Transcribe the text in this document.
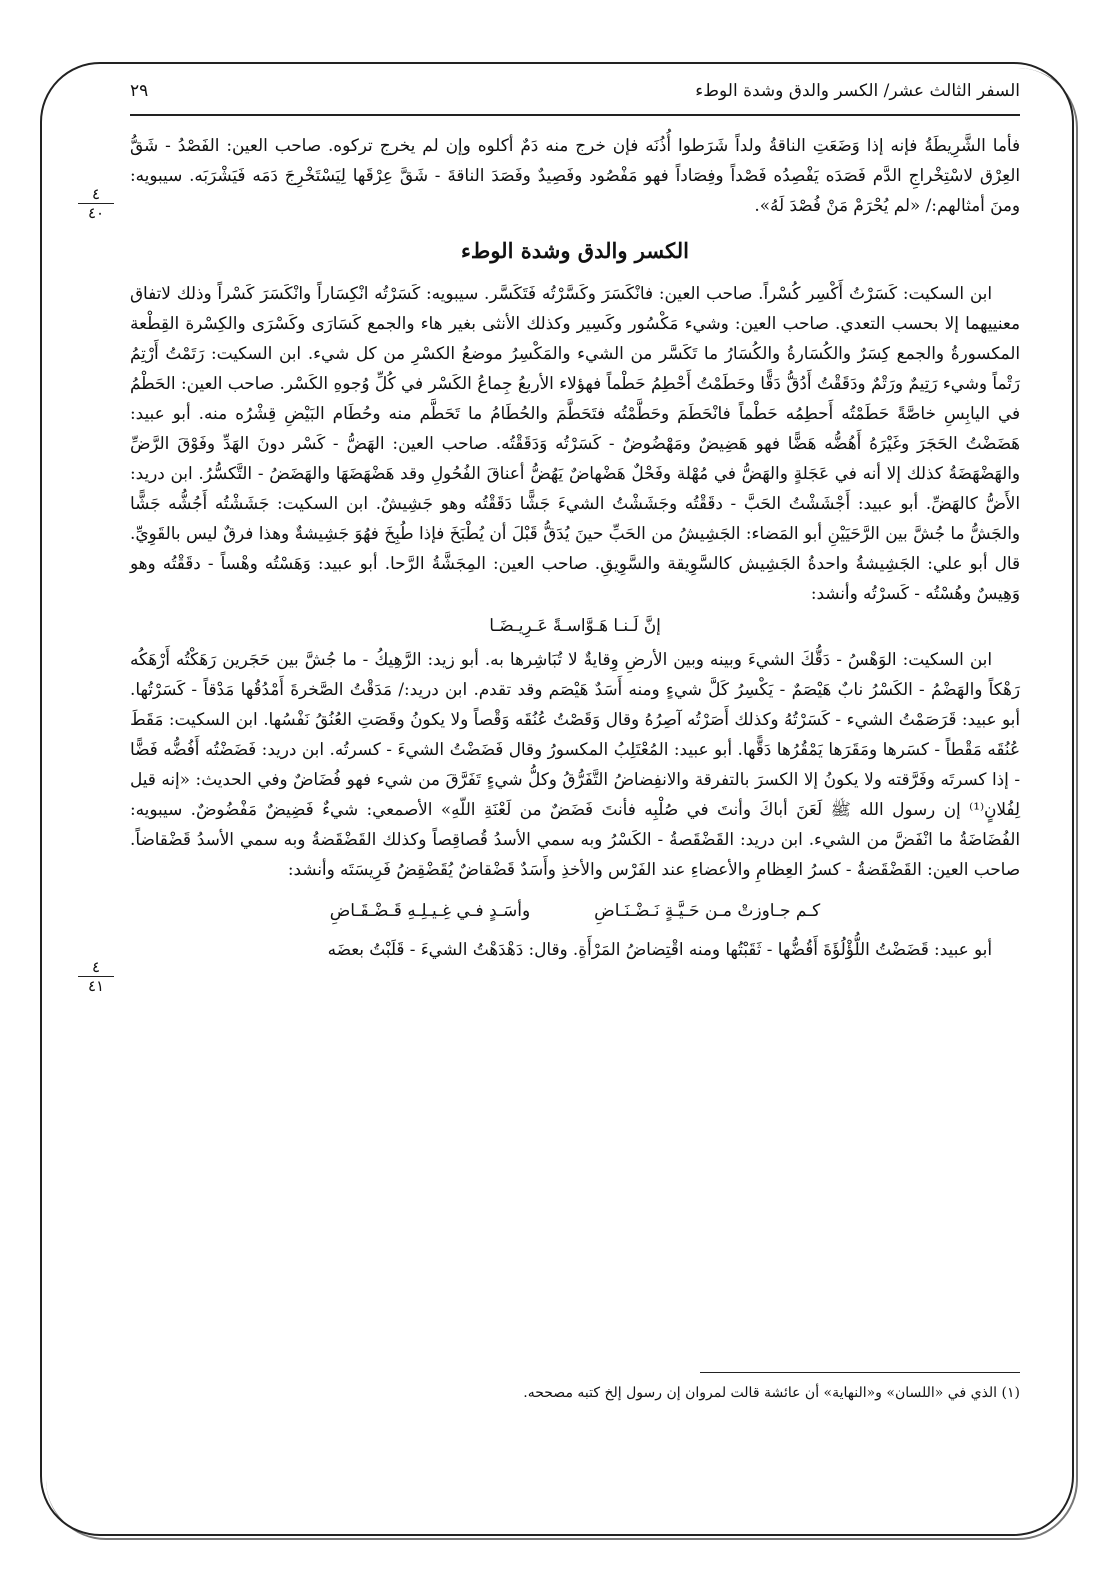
٢٩	السفر الثالث عشر/ الكسر والدق وشدة الوطء
٤
٤٠
٤
٤١

فأما الشَّرِيطَةُ فإنه إذا وَضَعَتِ الناقةُ ولداً شَرَطوا أُذُنَه فإن خرج منه دَمٌ أكلوه وإن لم يخرج تركوه. صاحب العين: الفَصْدُ - شَقُّ العِرْق لاسْتِخْراجِ الدَّم فَصَدَه يَفْصِدُه فَصْداً وفِصَاداً فهو مَفْصُود وفَصِيدٌ وفَصَدَ الناقةَ - شَقَّ عِرْقَها لِيَسْتَخْرِجَ دَمَه فَيَشْرَبَه. سيبويه: ومنَ أمثالهم:/ «لم يُحْرَمْ مَنْ فُصْدَ لَهُ».

الكسر والدق وشدة الوطء

ابن السكيت: كَسَرْتُ أَكْسِر كُسْراً. صاحب العين: فانْكَسَرَ وكَسَّرْتُه فَتَكَسَّر. سيبويه: كَسَرْتُه انْكِسَاراً وانْكَسَرَ كَسْراً وذلك لاتفاق معنييهما إلا بحسب التعدي. صاحب العين: وشيء مَكْسُور وكَسِير وكذلك الأنثى بغير هاء والجمع كَسَارَى وكَسْرَى والكِسْرة القِطْعة المكسورةُ والجمع كِسَرٌ والكُسَارةُ والكُسَارُ ما تَكَسَّر من الشيء والمَكْسِرُ موضعُ الكسْرِ من كل شيء. ابن السكيت: رَتَمْتُ أَرْتِمُ رَتْماً وشيء رَتِيمٌ ورَتْمٌ ودَقَقْتُ أَدُقُّ دَقًّا وحَطَمْتُ أَحْطِمُ حَطْماً فهؤلاء الأربعُ جِماعُ الكَسْر في كُلِّ وُجوهِ الكَسْر. صاحب العين: الحَطْمُ في اليابِسِ خاصَّةً حَطَمْتُه أَحطِمُه حَطْماً فانْحَطَمَ وحَطَّمْتُه فتَحَطَّمَ والحُطَامُ ما تَحَطَّم منه وحُطَام البَيْضِ قِشْرُه منه. أبو عبيد: هَضَضْتُ الحَجَرَ وغَيْرَهُ أَهُضُّه هَضًّا فهو هَضِيضٌ ومَهْضُوضٌ - كَسَرْتُه وَدَقَقْتُه. صاحب العين: الهَضُّ - كَسْر دونَ الهَدِّ وفَوْقَ الرَّضِّ والهَضْهَضَةُ كذلك إلا أنه في عَجَلةٍ والهَضُّ في مُهْلة وفَحْلٌ هَضْهاضٌ يَهُضُّ أعناقَ الفُحُولِ وقد هَضْهَضَهَا والهَضَضُ - التَّكسُّرُ. ابن دريد: الأَضُّ كالهَضِّ. أبو عبيد: أَجْشَشْتُ الحَبَّ - دقَقْتُه وجَشَشْتُ الشيءَ جَشًّا دَقَقْتُه وهو جَشِيشٌ. ابن السكيت: جَشَشْتُه أَجُشُّه جَشًّا والجَشُّ ما جُشَّ بين الرَّحَيَيْنِ أبو المَضاء: الجَشِيشُ من الحَبِّ حينَ يُدَقُّ قَبْلَ أن يُطْبَخَ فإذا طُبِخَ فهُوَ جَشِيشةٌ وهذا فرقٌ ليس بالقَوِيِّ. قال أبو علي: الجَشِيشةُ واحدةُ الجَشِيش كالسَّوِيقة والسَّوِيقِ. صاحب العين: المِجَشَّةُ الرَّحا. أبو عبيد: وَهَسْتُه وهْساً - دقَقْتُه وهو وَهِيسٌ وهُسْتُه - كَسرْتُه وأنشد:

إنَّ لَـنـا هَـوَّاسـةً عَـرِيـضَـا

ابن السكيت: الوَهْسُ - دَقُّكَ الشيءَ وبينه وبين الأرضِ وِقايةٌ لا تُبَاشِرها به. أبو زيد: الرَّهِيكُ - ما جُشَّ بين حَجَرين رَهَكْتُه أَرْهَكُه رَهْكاً والهَضْمُ - الكَسْرُ نابٌ هَيْصَمٌ - يَكْسِرُ كَلَّ شيءٍ ومنه أَسَدٌ هَيْصَم وقد تقدم. ابن دريد:/ مَدَقْتُ الصَّخرةَ أَمْدُقُها مَدْقاً - كَسَرْتُها. أبو عبيد: قَرَصَمْتُ الشيء - كَسَرْتُهُ وكذلك أَصَرْتُه آصِرُهُ وقال وَقَصْتُ عُنُقَه وَقْصاً ولا يكونُ وقَصَتِ العُنُقُ نَفْسُها. ابن السكيت: مَقَطَ عُنُقَه مَقْطاً - كسَرها ومَقَرَها يَمْقُرُها دَقًّها. أبو عبيد: المُعْتَلِبُ المكسورُ وقال فَضَضْتُ الشيءَ - كسرتُه. ابن دريد: فَضَضْتُه أَفُضُّه فَضًّا - إذا كسرتَه وفَرَّقته ولا يكونُ إلا الكسرَ بالتفرقة والانفِضاضُ التَّفَرُّقُ وكلُّ شيءٍ تَفَرَّقَ من شيء فهو فُضَاضٌ وفي الحديث: «إنه قيل لِفُلانٍ⁽¹⁾ إن رسول الله ﷺ لَعَنَ أباكَ وأنتَ في صُلْبِه فأنتَ فَضَضٌ من لَعْنَةِ اللّهِ» الأصمعي: شيءٌ فَضِيضٌ مَفْضُوضٌ. سيبويه: الفُضَاضَةُ ما انْفَضَّ من الشيء. ابن دريد: القَضْقَصةُ - الكَسْرُ وبه سمي الأسدُ قُصاقِصاً وكذلك القَضْقَضةُ وبه سمي الأسدُ قَضْقاضاً. صاحب العين: القَضْقَضةُ - كسرُ العِظامِ والأعضاءِ عند الفَرْس والأخذِ وأَسَدٌ قَضْقاضٌ يُقَضْقِضُ فَرِيسَتَه وأنشد:

كـم جـاوزتْ مـن حَـيَّـةٍ نَـضْـنَـاضِ
وأسَـدٍ فـي غِـيـلِـهِ قَـضْـقَـاضِ

أبو عبيد: قَضَضْتُ اللُّؤْلُؤَةَ أَقُضُّها - ثَقَبْتُها ومنه اقْتِضاضُ المَرْأَةِ. وقال: دَهْدَهْتُ الشيءَ - قَلَبْتُ بعضَه

(١) الذي في «اللسان» و«النهاية» أن عائشة قالت لمروان إن رسول إلخ كتبه مصححه.
